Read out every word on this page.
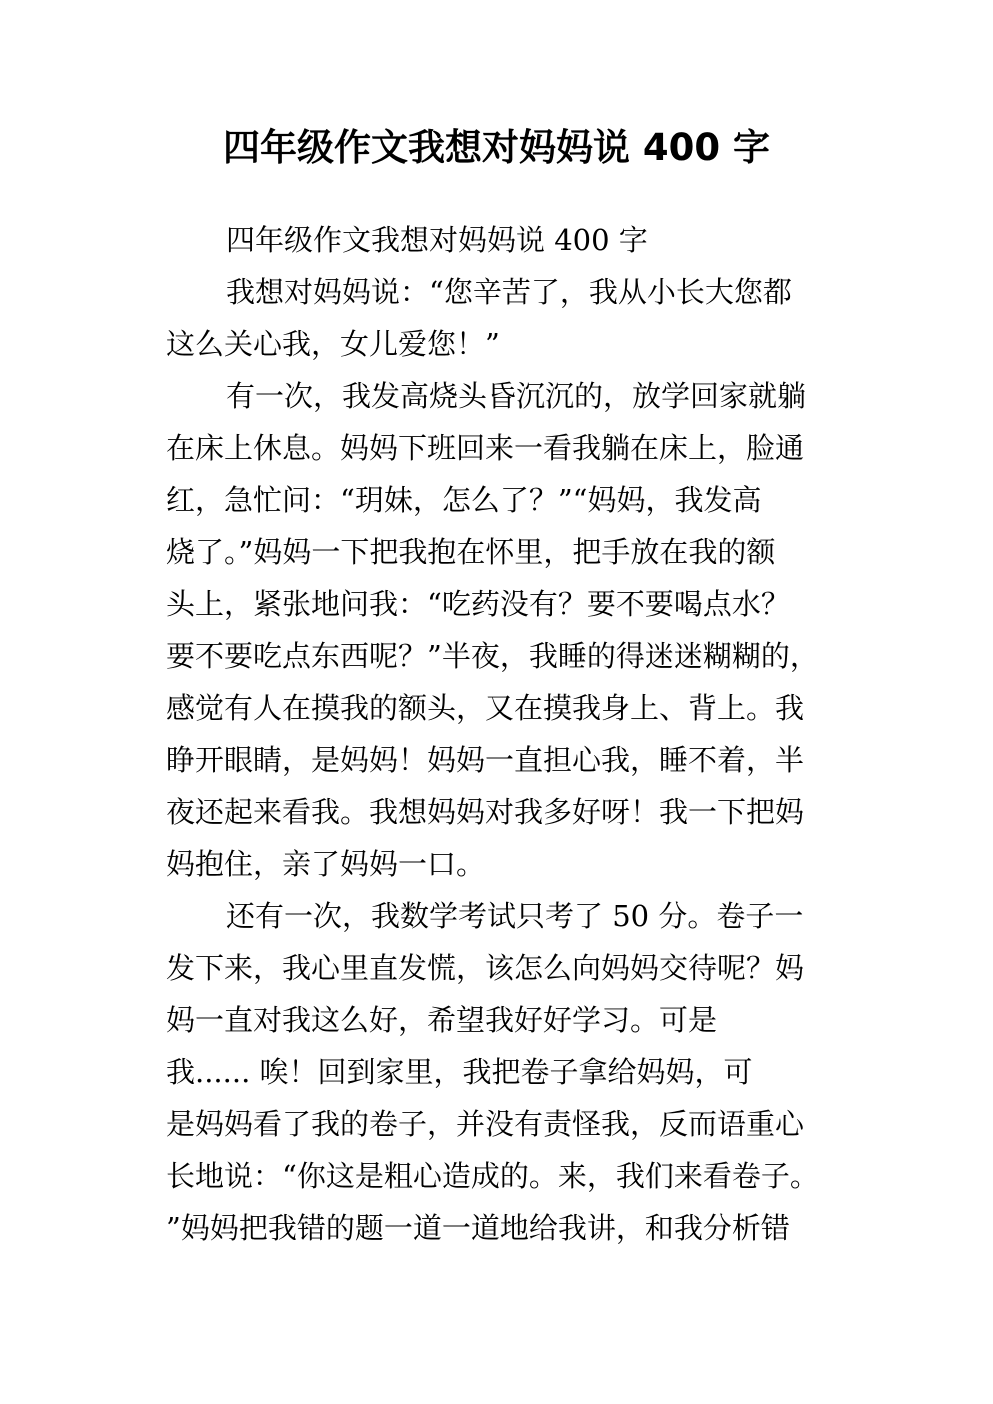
四年级作文我想对妈妈说 400 字
四年级作文我想对妈妈说 400 字
我想对妈妈说：“您辛苦了，我从小长大您都
这么关心我，女儿爱您！”
有一次，我发高烧头昏沉沉的，放学回家就躺
在床上休息。妈妈下班回来一看我躺在床上，脸通
红，急忙问：“玥妹，怎么了？”“妈妈，我发高
烧了。”妈妈一下把我抱在怀里，把手放在我的额
头上，紧张地问我：“吃药没有？要不要喝点水？
要不要吃点东西呢？”半夜，我睡的得迷迷糊糊的，
感觉有人在摸我的额头，又在摸我身上、背上。我
睁开眼睛，是妈妈！妈妈一直担心我，睡不着，半
夜还起来看我。我想妈妈对我多好呀！我一下把妈
妈抱住，亲了妈妈一口。
还有一次，我数学考试只考了 50 分。卷子一
发下来，我心里直发慌，该怎么向妈妈交待呢？妈
妈一直对我这么好，希望我好好学习。可是
我...... 唉！回到家里，我把卷子拿给妈妈，可
是妈妈看了我的卷子，并没有责怪我，反而语重心
长地说：“你这是粗心造成的。来，我们来看卷子。
”妈妈把我错的题一道一道地给我讲，和我分析错
